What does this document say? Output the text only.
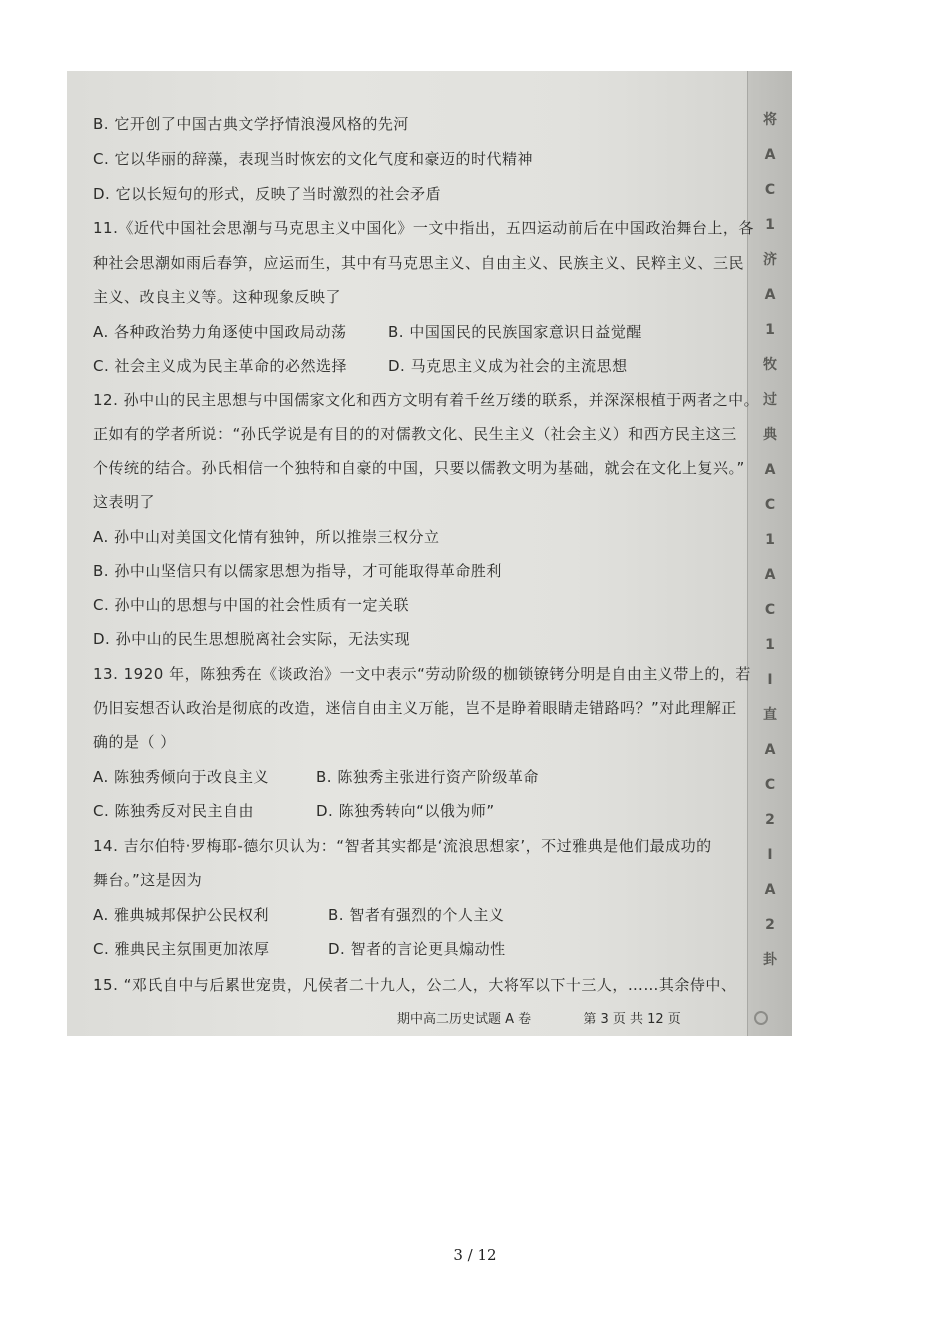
将
A
C
1
济
A
1
牧
过
典
A
C
1
A
C
1
I
直
A
C
2
I
A
2
卦
B. 它开创了中国古典文学抒情浪漫风格的先河
C. 它以华丽的辞藻，表现当时恢宏的文化气度和豪迈的时代精神
D. 它以长短句的形式，反映了当时激烈的社会矛盾
11.《近代中国社会思潮与马克思主义中国化》一文中指出，五四运动前后在中国政治舞台上，各
种社会思潮如雨后春笋，应运而生，其中有马克思主义、自由主义、民族主义、民粹主义、三民
主义、改良主义等。这种现象反映了
A. 各种政治势力角逐使中国政局动荡	B. 中国国民的民族国家意识日益觉醒
C. 社会主义成为民主革命的必然选择	D. 马克思主义成为社会的主流思想
12. 孙中山的民主思想与中国儒家文化和西方文明有着千丝万缕的联系，并深深根植于两者之中。
正如有的学者所说：“孙氏学说是有目的的对儒教文化、民生主义（社会主义）和西方民主这三
个传统的结合。孙氏相信一个独特和自豪的中国，只要以儒教文明为基础，就会在文化上复兴。”
这表明了
A. 孙中山对美国文化情有独钟，所以推崇三权分立
B. 孙中山坚信只有以儒家思想为指导，才可能取得革命胜利
C. 孙中山的思想与中国的社会性质有一定关联
D. 孙中山的民生思想脱离社会实际，无法实现
13. 1920 年，陈独秀在《谈政治》一文中表示“劳动阶级的枷锁镣铐分明是自由主义带上的，若
仍旧妄想否认政治是彻底的改造，迷信自由主义万能，岂不是睁着眼睛走错路吗？”对此理解正
确的是（ ）
A. 陈独秀倾向于改良主义	B. 陈独秀主张进行资产阶级革命
C. 陈独秀反对民主自由	D. 陈独秀转向“以俄为师”
14. 吉尔伯特·罗梅耶-德尔贝认为：“智者其实都是‘流浪思想家’，不过雅典是他们最成功的
舞台。”这是因为
A. 雅典城邦保护公民权利	B. 智者有强烈的个人主义
C. 雅典民主氛围更加浓厚	D. 智者的言论更具煽动性
15. “邓氏自中与后累世宠贵，凡侯者二十九人，公二人，大将军以下十三人，……其余侍中、
期中高二历史试题 A 卷	第 3 页 共 12 页
3 / 12
